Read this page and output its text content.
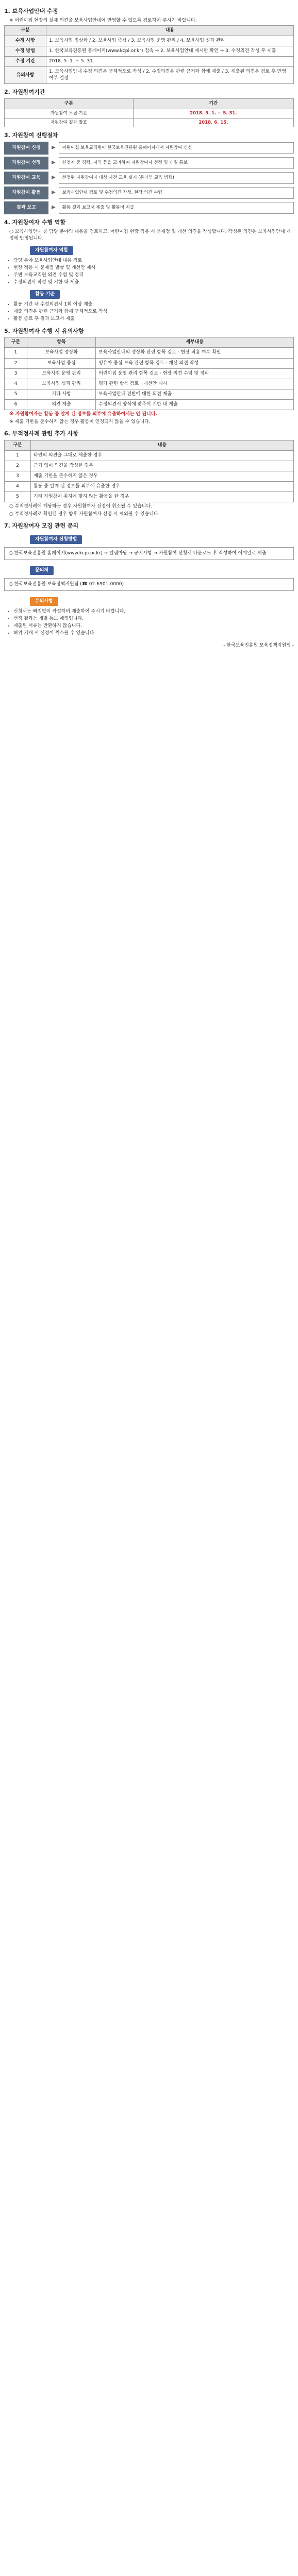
1. 보육사업안내 수정
※ 어린이집 현장의 실제 의견을 보육사업안내에 반영할 수 있도록 검토하여 주시기 바랍니다.
구분	내용
수정 사항	1. 보육사업 정상화 / 2. 보육사업 중심 / 3. 보육사업 운영 관리 / 4. 보육사업 성과 관리
수정 방법	1. 한국보육진흥원 홈페이지(www.kcpi.or.kr) 접속 → 2. 보육사업안내 게시판 확인 → 3. 수정의견 작성 후 제출
수정 기간	2018. 5. 1. ~ 5. 31.
유의사항	1. 보육사업안내 수정 의견은 구체적으로 작성 / 2. 수정의견은 관련 근거와 함께 제출 / 3. 제출된 의견은 검토 후 반영 여부 결정
2. 자원참여기간
구분	기간
자원참여 모집 기간	2018. 5. 1. ~ 5. 31.
자원참여 결과 발표	2018. 6. 15.
3. 자원참여 진행절차
자원참여 신청	▶	어린이집 보육교직원이 한국보육진흥원 홈페이지에서 자원참여 신청
자원참여 선정	▶	신청자 중 경력, 지역 등을 고려하여 자원참여자 선정 및 개별 통보
자원참여 교육	▶	선정된 자원참여자 대상 사전 교육 실시 (온라인 교육 병행)
자원참여 활동	▶	보육사업안내 검토 및 수정의견 작성, 현장 의견 수렴
결과 보고	▶	활동 결과 보고서 제출 및 활동비 지급
4. 자원참여자 수행 역할
○ 보육사업안내 중 담당 분야의 내용을 검토하고, 어린이집 현장 적용 시 문제점 및 개선 의견을 작성합니다. 작성된 의견은 보육사업안내 개정에 반영됩니다.
자원참여자 역할
• 담당 분야 보육사업안내 내용 검토
• 현장 적용 시 문제점 발굴 및 개선안 제시
• 주변 보육교직원 의견 수렴 및 정리
• 수정의견서 작성 및 기한 내 제출
활동 기준
• 활동 기간 내 수정의견서 1회 이상 제출
• 제출 의견은 관련 근거와 함께 구체적으로 작성
• 활동 종료 후 결과 보고서 제출
5. 자원참여자 수행 시 유의사항
구분	항목	세부내용
1	보육사업 정상화	보육사업안내의 정상화 관련 항목 검토 · 현장 적용 여부 확인
2	보육사업 중심	영유아 중심 보육 관련 항목 검토 · 개선 의견 작성
3	보육사업 운영 관리	어린이집 운영 관리 항목 검토 · 현장 의견 수렴 및 정리
4	보육사업 성과 관리	평가 관련 항목 검토 · 개선안 제시
5	기타 사항	보육사업안내 전반에 대한 의견 제출
6	의견 제출	수정의견서 양식에 맞추어 기한 내 제출
※ 자원참여자는 활동 중 알게 된 정보를 외부에 유출하여서는 안 됩니다.
※ 제출 기한을 준수하지 않는 경우 활동이 인정되지 않을 수 있습니다.
6. 부적정사례 관련 추가 사항
구분	내용
1	타인의 의견을 그대로 제출한 경우
2	근거 없이 의견을 작성한 경우
3	제출 기한을 준수하지 않은 경우
4	활동 중 알게 된 정보를 외부에 유출한 경우
5	기타 자원참여 취지에 맞지 않는 활동을 한 경우
○ 부적정사례에 해당하는 경우 자원참여자 선정이 취소될 수 있습니다.
○ 부적정사례로 확인된 경우 향후 자원참여자 선정 시 제외될 수 있습니다.
7. 자원참여자 모집 관련 문의
자원참여자 신청방법
○ 한국보육진흥원 홈페이지(www.kcpi.or.kr) → 알림마당 → 공지사항 → 자원참여 신청서 다운로드 후 작성하여 이메일로 제출
문의처
○ 한국보육진흥원 보육정책지원팀 (☎ 02-6901-0000)
유의사항
• 신청서는 빠짐없이 작성하여 제출하여 주시기 바랍니다.
• 선정 결과는 개별 통보 예정입니다.
• 제출된 서류는 반환하지 않습니다.
• 허위 기재 시 선정이 취소될 수 있습니다.
- 한국보육진흥원 보육정책지원팀 -
